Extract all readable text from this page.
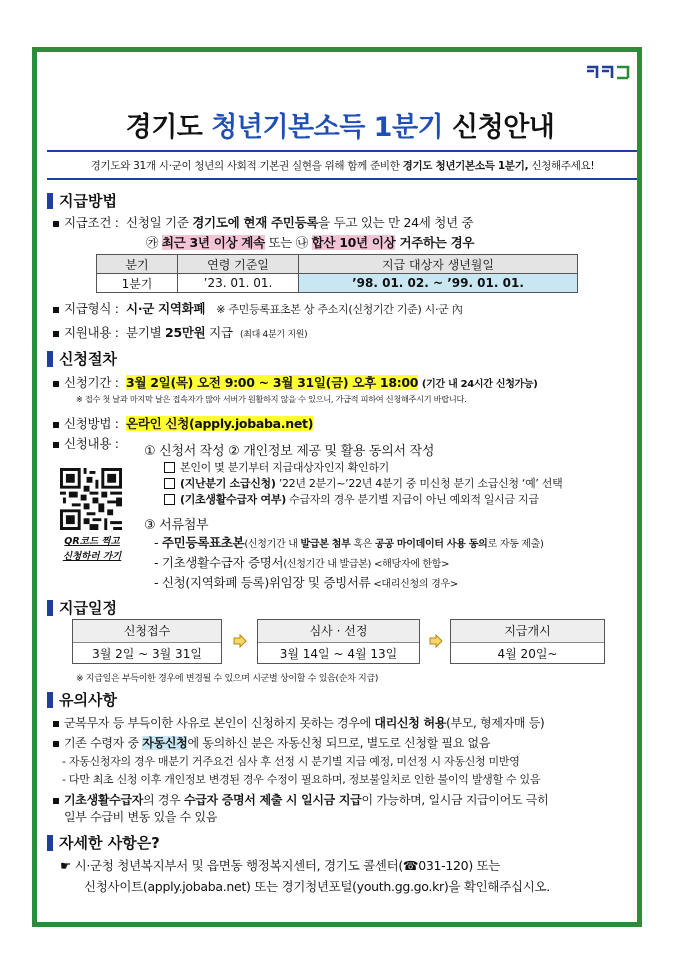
경기도 청년기본소득 1분기 신청안내
경기도와 31개 시·군이 청년의 사회적 기본권 실현을 위해 함께 준비한 경기도 청년기본소득 1분기, 신청해주세요!
지급방법
지급조건 : 신청일 기준 경기도에 현재 주민등록을 두고 있는 만 24세 청년 중
㉮ 최근 3년 이상 계속 또는 ㉯ 합산 10년 이상 거주하는 경우
분기	연령 기준일	지급 대상자 생년월일
1분기	’23. 01. 01.	’98. 01. 02. ~ ’99. 01. 01.
지급형식 : 시·군 지역화폐 ※ 주민등록표초본 상 주소지(신청기간 기준) 시·군 內
지원내용 : 분기별 25만원 지급 (최대 4분기 지원)
신청절차
신청기간 : 3월 2일(목) 오전 9:00 ~ 3월 31일(금) 오후 18:00 (기간 내 24시간 신청가능)
※ 접수 첫 날과 마지막 날은 접속자가 많아 서버가 원활하지 않을 수 있으니, 가급적 피하여 신청해주시기 바랍니다.
신청방법 : 온라인 신청(apply.jobaba.net)
신청내용 :
① 신청서 작성 ② 개인정보 제공 및 활용 동의서 작성
본인이 몇 분기부터 지급대상자인지 확인하기
(지난분기 소급신청) ’22년 2분기~’22년 4분기 중 미신청 분기 소급신청 ‘예’ 선택
(기초생활수급자 여부) 수급자의 경우 분기별 지급이 아닌 예외적 일시금 지급
QR코드 찍고
신청하러 가기
③ 서류첨부
- 주민등록표초본(신청기간 내 발급본 첨부 혹은 공공 마이데이터 사용 동의로 자동 제출)
- 기초생활수급자 증명서(신청기간 내 발급본) <해당자에 한함>
- 신청(지역화폐 등록)위임장 및 증빙서류 <대리신청의 경우>
지급일정
신청접수
3월 2일 ~ 3월 31일
심사 · 선정
3월 14일 ~ 4월 13일
지급개시
4월 20일~
※ 지급일은 부득이한 경우에 변경될 수 있으며 시군별 상이할 수 있음(순차 지급)
유의사항
군복무자 등 부득이한 사유로 본인이 신청하지 못하는 경우에 대리신청 허용(부모, 형제자매 등)
기존 수령자 중 자동신청에 동의하신 분은 자동신청 되므로, 별도로 신청할 필요 없음
- 자동신청자의 경우 매분기 거주요건 심사 후 선정 시 분기별 지급 예정, 미선정 시 자동신청 미반영
- 다만 최초 신청 이후 개인정보 변경된 경우 수정이 필요하며, 정보불일치로 인한 불이익 발생할 수 있음
기초생활수급자의 경우 수급자 증명서 제출 시 일시금 지급이 가능하며, 일시금 지급이어도 극히
일부 수급비 변동 있을 수 있음
자세한 사항은?
☛ 시·군청 청년복지부서 및 읍면동 행정복지센터, 경기도 콜센터(☎031-120) 또는
신청사이트(apply.jobaba.net) 또는 경기청년포털(youth.gg.go.kr)을 확인해주십시오.
